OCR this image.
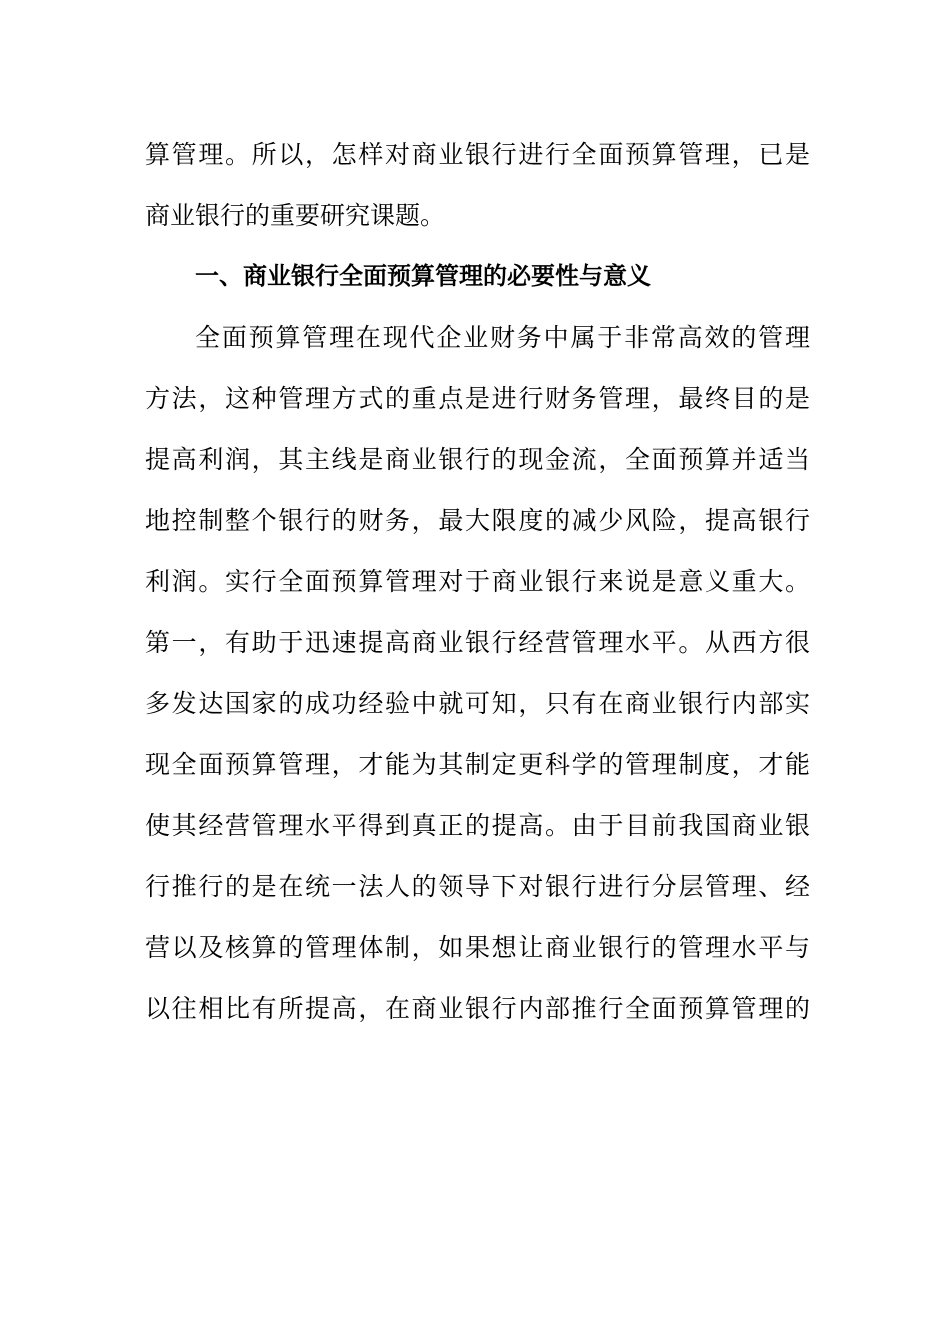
算管理。所以，怎样对商业银行进行全面预算管理，已是
商业银行的重要研究课题。
一、商业银行全面预算管理的必要性与意义
全面预算管理在现代企业财务中属于非常高效的管理
方法，这种管理方式的重点是进行财务管理，最终目的是
提高利润，其主线是商业银行的现金流，全面预算并适当
地控制整个银行的财务，最大限度的减少风险，提高银行
利润。实行全面预算管理对于商业银行来说是意义重大。
第一，有助于迅速提高商业银行经营管理水平。从西方很
多发达国家的成功经验中就可知，只有在商业银行内部实
现全面预算管理，才能为其制定更科学的管理制度，才能
使其经营管理水平得到真正的提高。由于目前我国商业银
行推行的是在统一法人的领导下对银行进行分层管理、经
营以及核算的管理体制，如果想让商业银行的管理水平与
以往相比有所提高，在商业银行内部推行全面预算管理的
